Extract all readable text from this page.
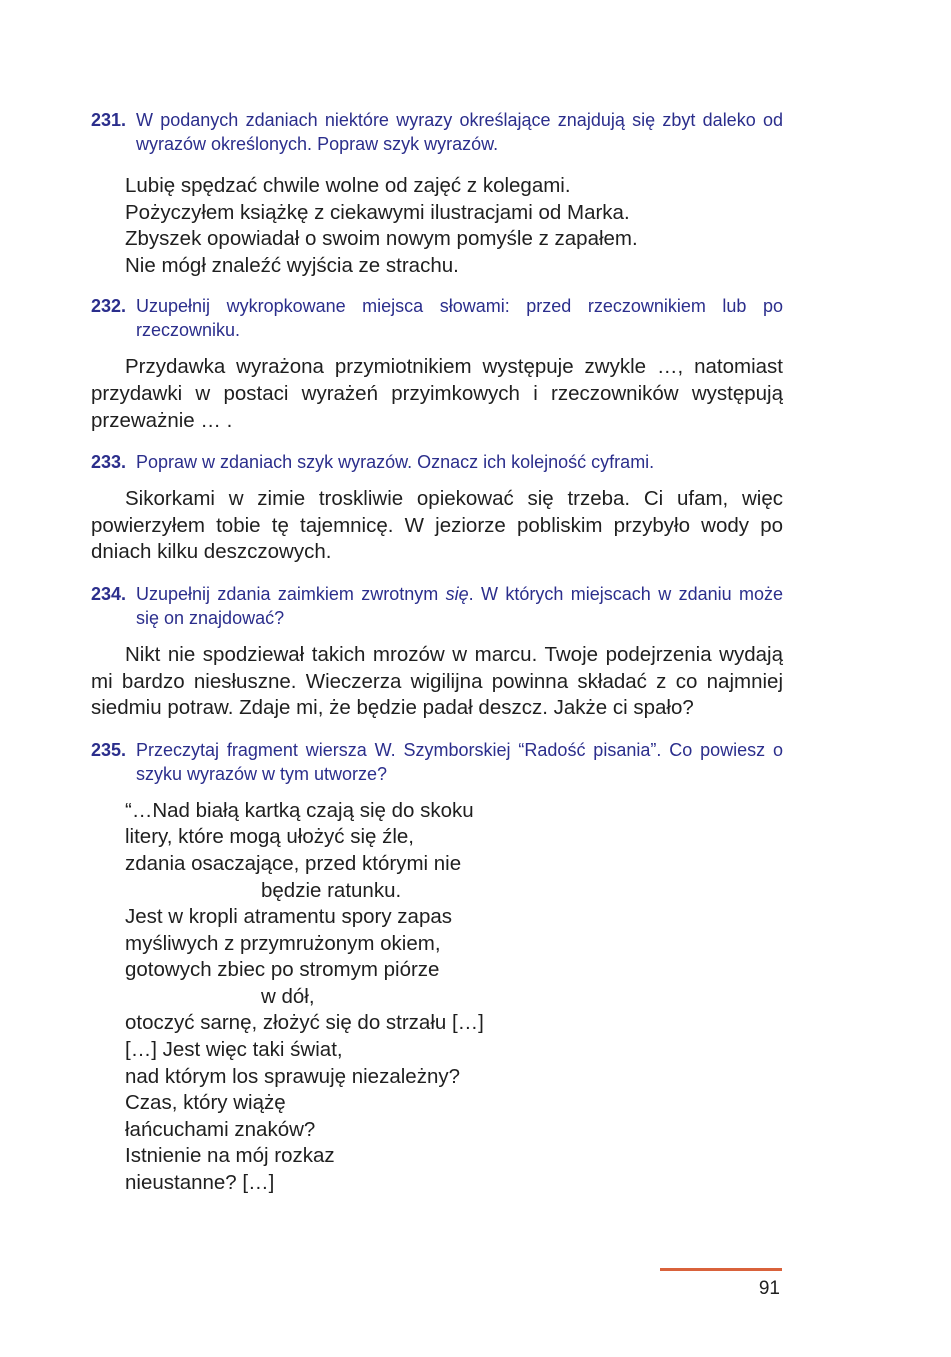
231. W podanych zdaniach niektóre wyrazy określające znajdują się zbyt daleko od wyrazów określonych. Popraw szyk wyrazów.
Lubię spędzać chwile wolne od zajęć z kolegami.
Pożyczyłem książkę z ciekawymi ilustracjami od Marka.
Zbyszek opowiadał o swoim nowym pomyśle z zapałem.
Nie mógł znaleźć wyjścia ze strachu.
232. Uzupełnij wykropkowane miejsca słowami: przed rzeczownikiem lub po rzeczowniku.

Przydawka wyrażona przymiotnikiem występuje zwykle …, natomiast przydawki w postaci wyrażeń przyimkowych i rzeczowników występują przeważnie … .

233. Popraw w zdaniach szyk wyrazów. Oznacz ich kolejność cyframi.

Sikorkami w zimie troskliwie opiekować się trzeba. Ci ufam, więc powierzyłem tobie tę tajemnicę. W jeziorze pobliskim przybyło wody po dniach kilku deszczowych.

234. Uzupełnij zdania zaimkiem zwrotnym się. W których miejscach w zdaniu może się on znajdować?

Nikt nie spodziewał takich mrozów w marcu. Twoje podejrzenia wydają mi bardzo niesłuszne. Wieczerza wigilijna powinna składać z co najmniej siedmiu potraw. Zdaje mi, że będzie padał deszcz. Jakże ci spało?

235. Przeczytaj fragment wiersza W. Szymborskiej “Radość pisania”. Co powiesz o szyku wyrazów w tym utworze?
“…Nad białą kartką czają się do skoku
litery, które mogą ułożyć się źle,
zdania osaczające, przed którymi nie
będzie ratunku.
Jest w kropli atramentu spory zapas
myśliwych z przymrużonym okiem,
gotowych zbiec po stromym piórze
w dół,
otoczyć sarnę, złożyć się do strzału […]
[…] Jest więc taki świat,
nad którym los sprawuję niezależny?
Czas, który wiążę
łańcuchami znaków?
Istnienie na mój rozkaz
nieustanne? […]
91
